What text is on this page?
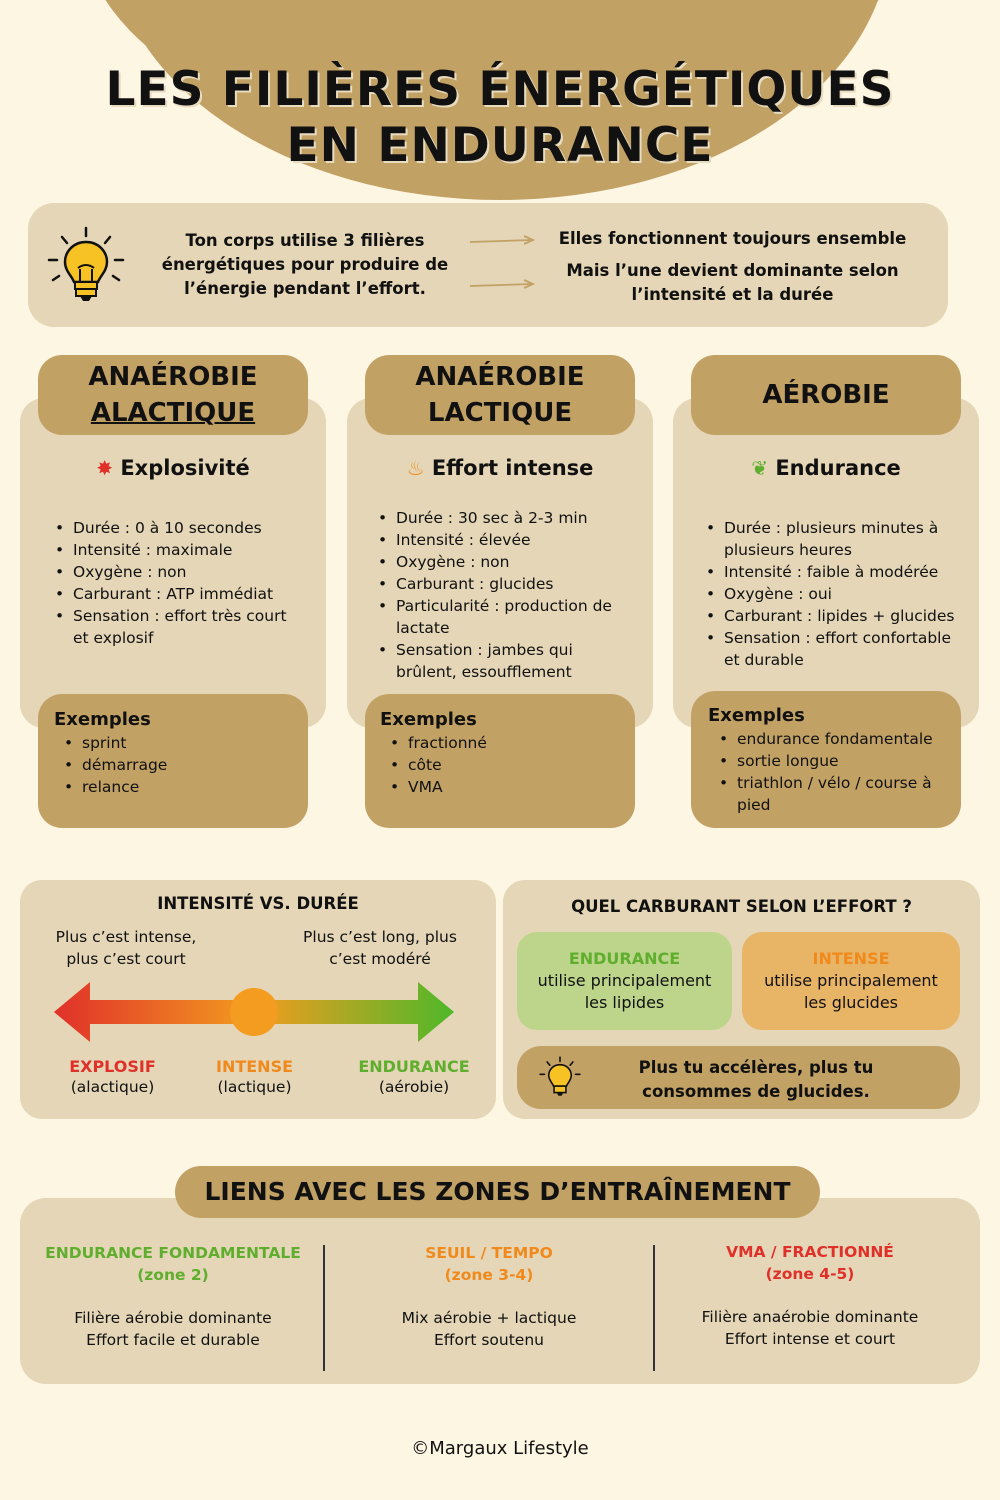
LES FILIÈRES ÉNERGÉTIQUES
EN ENDURANCE
Ton corps utilise 3 filières énergétiques pour produire de l’énergie pendant l’effort.
Elles fonctionnent toujours ensemble
Mais l’une devient dominante selon l’intensité et la durée
ANAÉROBIE
ALACTIQUE
✸ Explosivité
• Durée : 0 à 10 secondes
• Intensité : maximale
• Oxygène : non
• Carburant : ATP immédiat
• Sensation : effort très court et explosif
Exemples
• sprint
• démarrage
• relance
ANAÉROBIE
LACTIQUE
♨ Effort intense
• Durée : 30 sec à 2-3 min
• Intensité : élevée
• Oxygène : non
• Carburant : glucides
• Particularité : production de lactate
• Sensation : jambes qui brûlent, essoufflement
Exemples
• fractionné
• côte
• VMA
AÉROBIE
❦ Endurance
• Durée : plusieurs minutes à plusieurs heures
• Intensité : faible à modérée
• Oxygène : oui
• Carburant : lipides + glucides
• Sensation : effort confortable et durable
Exemples
• endurance fondamentale
• sortie longue
• triathlon / vélo / course à pied
INTENSITÉ VS. DURÉE
Plus c’est intense, plus c’est court
Plus c’est long, plus c’est modéré
EXPLOSIF
(alactique)
INTENSE
(lactique)
ENDURANCE
(aérobie)
QUEL CARBURANT SELON L’EFFORT ?
ENDURANCE
utilise principalement les lipides
INTENSE
utilise principalement les glucides
Plus tu accélères, plus tu consommes de glucides.
LIENS AVEC LES ZONES D’ENTRAÎNEMENT
ENDURANCE FONDAMENTALE
(zone 2)
Filière aérobie dominante
Effort facile et durable
SEUIL / TEMPO
(zone 3-4)
Mix aérobie + lactique
Effort soutenu
VMA / FRACTIONNÉ
(zone 4-5)
Filière anaérobie dominante
Effort intense et court
©Margaux Lifestyle
